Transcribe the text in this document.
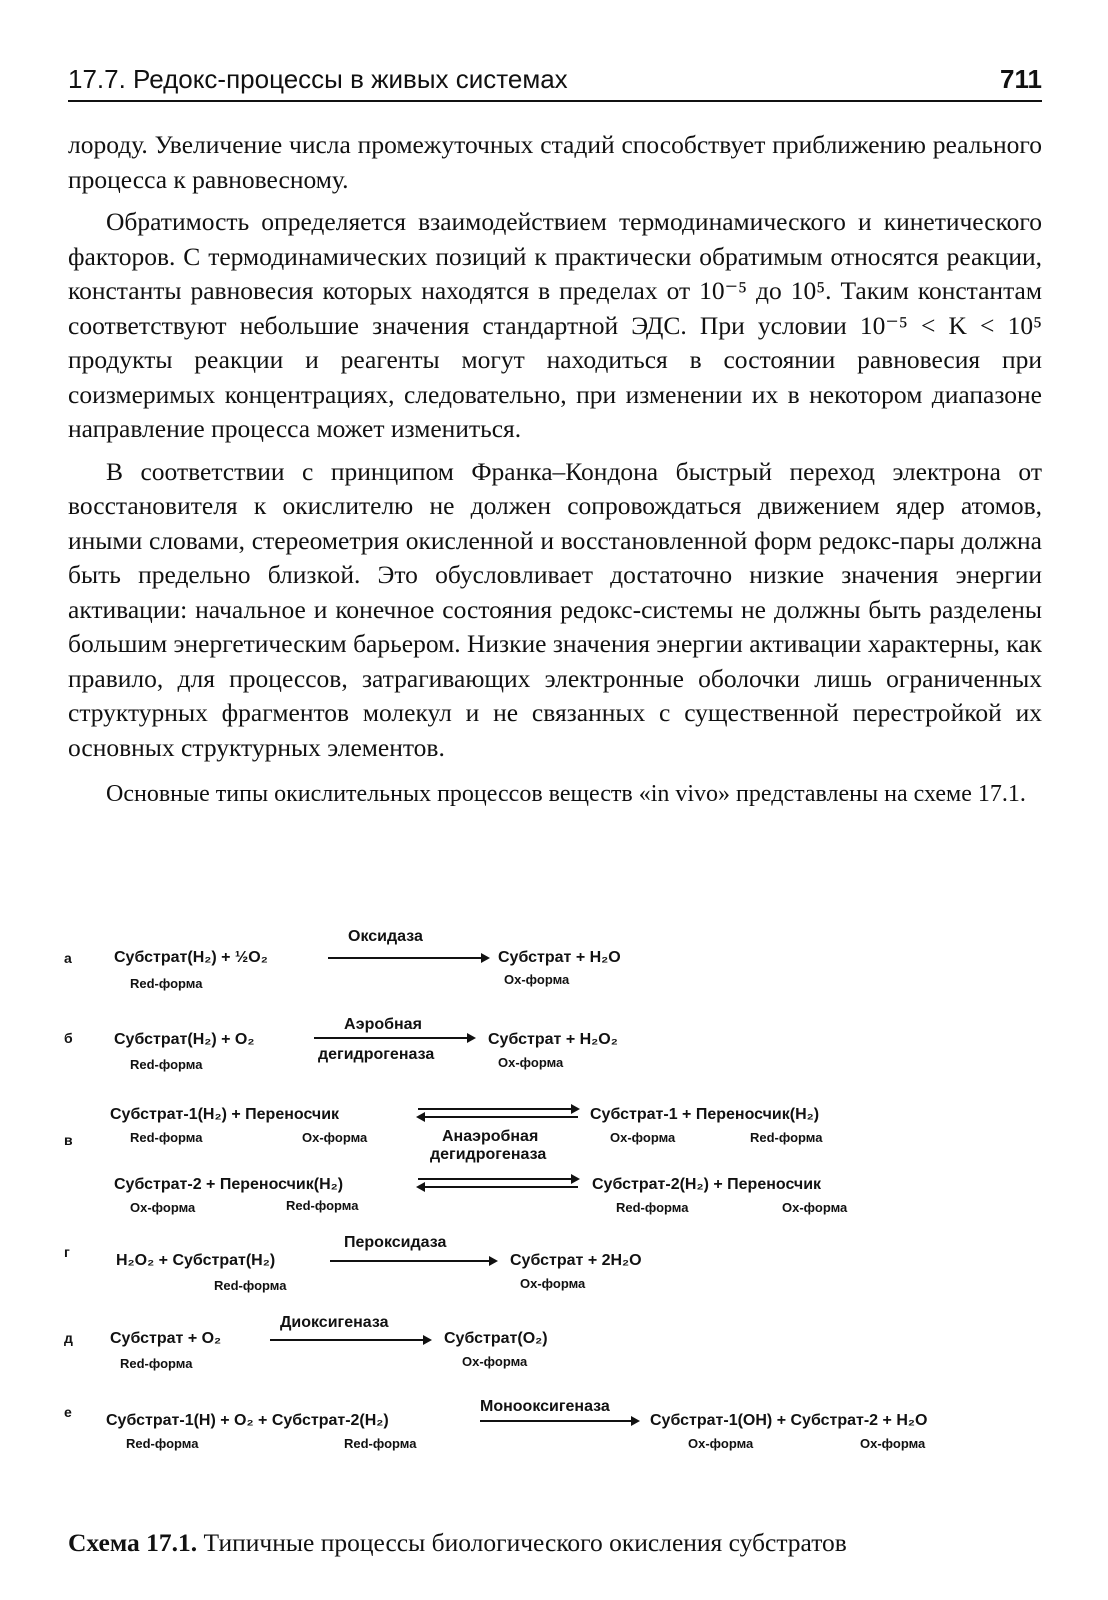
17.7. Редокс-процессы в живых системах	711

лороду. Увеличение числа промежуточных стадий способствует приближению реального процесса к равновесному.

Обратимость определяется взаимодействием термодинамического и кинетического факторов. С термодинамических позиций к практически обратимым относятся реакции, константы равновесия которых находятся в пределах от 10⁻⁵ до 10⁵. Таким константам соответствуют небольшие значения стандартной ЭДС. При условии 10⁻⁵ < K < 10⁵ продукты реакции и реагенты могут находиться в состоянии равновесия при соизмеримых концентрациях, следовательно, при изменении их в некотором диапазоне направление процесса может измениться.

В соответствии с принципом Франка–Кондона быстрый переход электрона от восстановителя к окислителю не должен сопровождаться движением ядер атомов, иными словами, стереометрия окисленной и восстановленной форм редокс-пары должна быть предельно близкой. Это обусловливает достаточно низкие значения энергии активации: начальное и конечное состояния редокс-системы не должны быть разделены большим энергетическим барьером. Низкие значения энергии активации характерны, как правило, для процессов, затрагивающих электронные оболочки лишь ограниченных структурных фрагментов молекул и не связанных с существенной перестройкой их основных структурных элементов.

Основные типы окислительных процессов веществ «in vivo» представлены на схеме 17.1.

а	Субстрат(H₂) + ½O₂
Red-форма
Оксидаза
Субстрат + H₂O
Ох-форма
б	Субстрат(H₂) + O₂
Red-форма
Аэробная
дегидрогеназа
Субстрат + H₂O₂
Ох-форма
в
Субстрат-1(H₂) + Переносчик
Red-форма	Ох-форма	Анаэробная
дегидрогеназа
Субстрат-1 + Переносчик(H₂)
Ох-форма	Red-форма
Субстрат-2 + Переносчик(H₂)
Ох-форма	Red-форма
Субстрат-2(H₂) + Переносчик
Red-форма	Ох-форма
г	H₂O₂ + Субстрат(H₂)
Red-форма
Пероксидаза
Субстрат + 2H₂O
Ох-форма
д Субстрат + O₂
Red-форма
Диоксигеназа
Субстрат(O₂)
Ох-форма
е Субстрат-1(H) + O₂ + Субстрат-2(H₂)
Red-форма	Red-форма
Монооксигеназа
Субстрат-1(OH) + Субстрат-2 + H₂O
Ох-форма	Ох-форма
Схема 17.1. Типичные процессы биологического окисления субстратов
